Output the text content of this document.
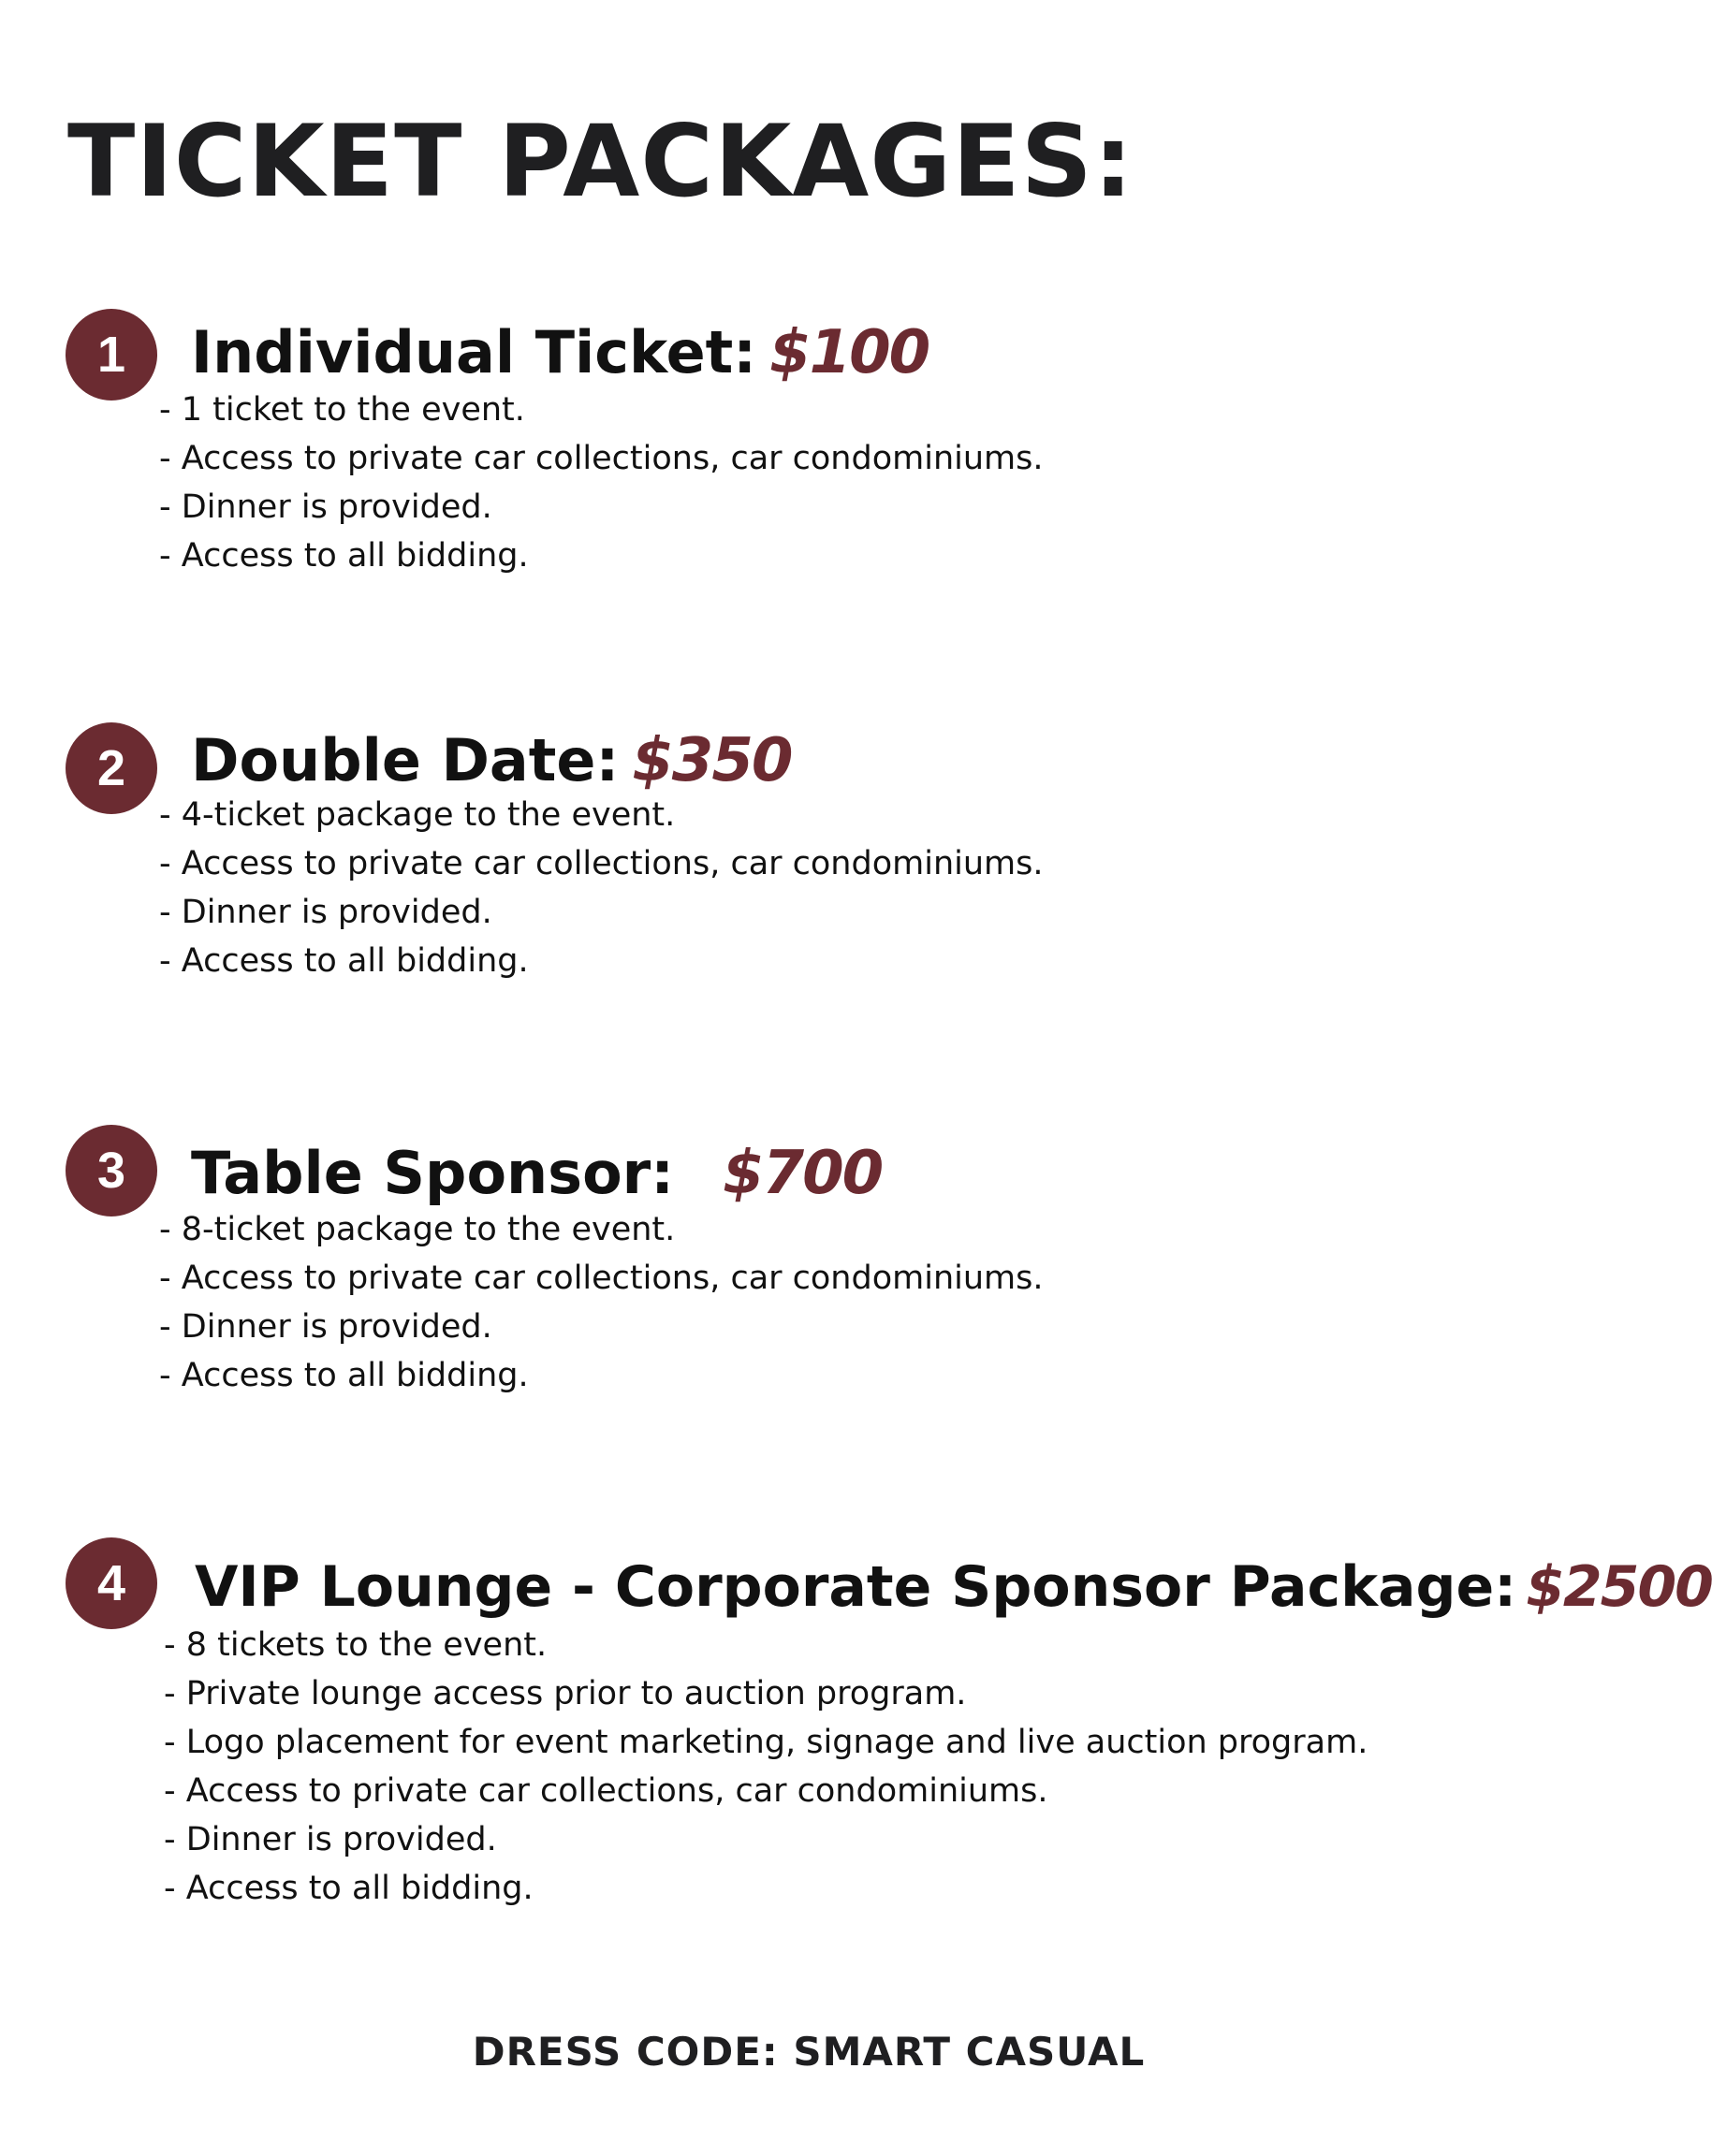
TICKET PACKAGES:
1	Individual Ticket: $100
- 1 ticket to the event.
- Access to private car collections, car condominiums.
- Dinner is provided.
- Access to all bidding.
2	Double Date: $350
- 4-ticket package to the event.
- Access to private car collections, car condominiums.
- Dinner is provided.
- Access to all bidding.
3	Table Sponsor: $700
- 8-ticket package to the event.
- Access to private car collections, car condominiums.
- Dinner is provided.
- Access to all bidding.
4	VIP Lounge - Corporate Sponsor Package: $2500
- 8 tickets to the event.
- Private lounge access prior to auction program.
- Logo placement for event marketing, signage and live auction program.
- Access to private car collections, car condominiums.
- Dinner is provided.
- Access to all bidding.

DRESS CODE: SMART CASUAL
